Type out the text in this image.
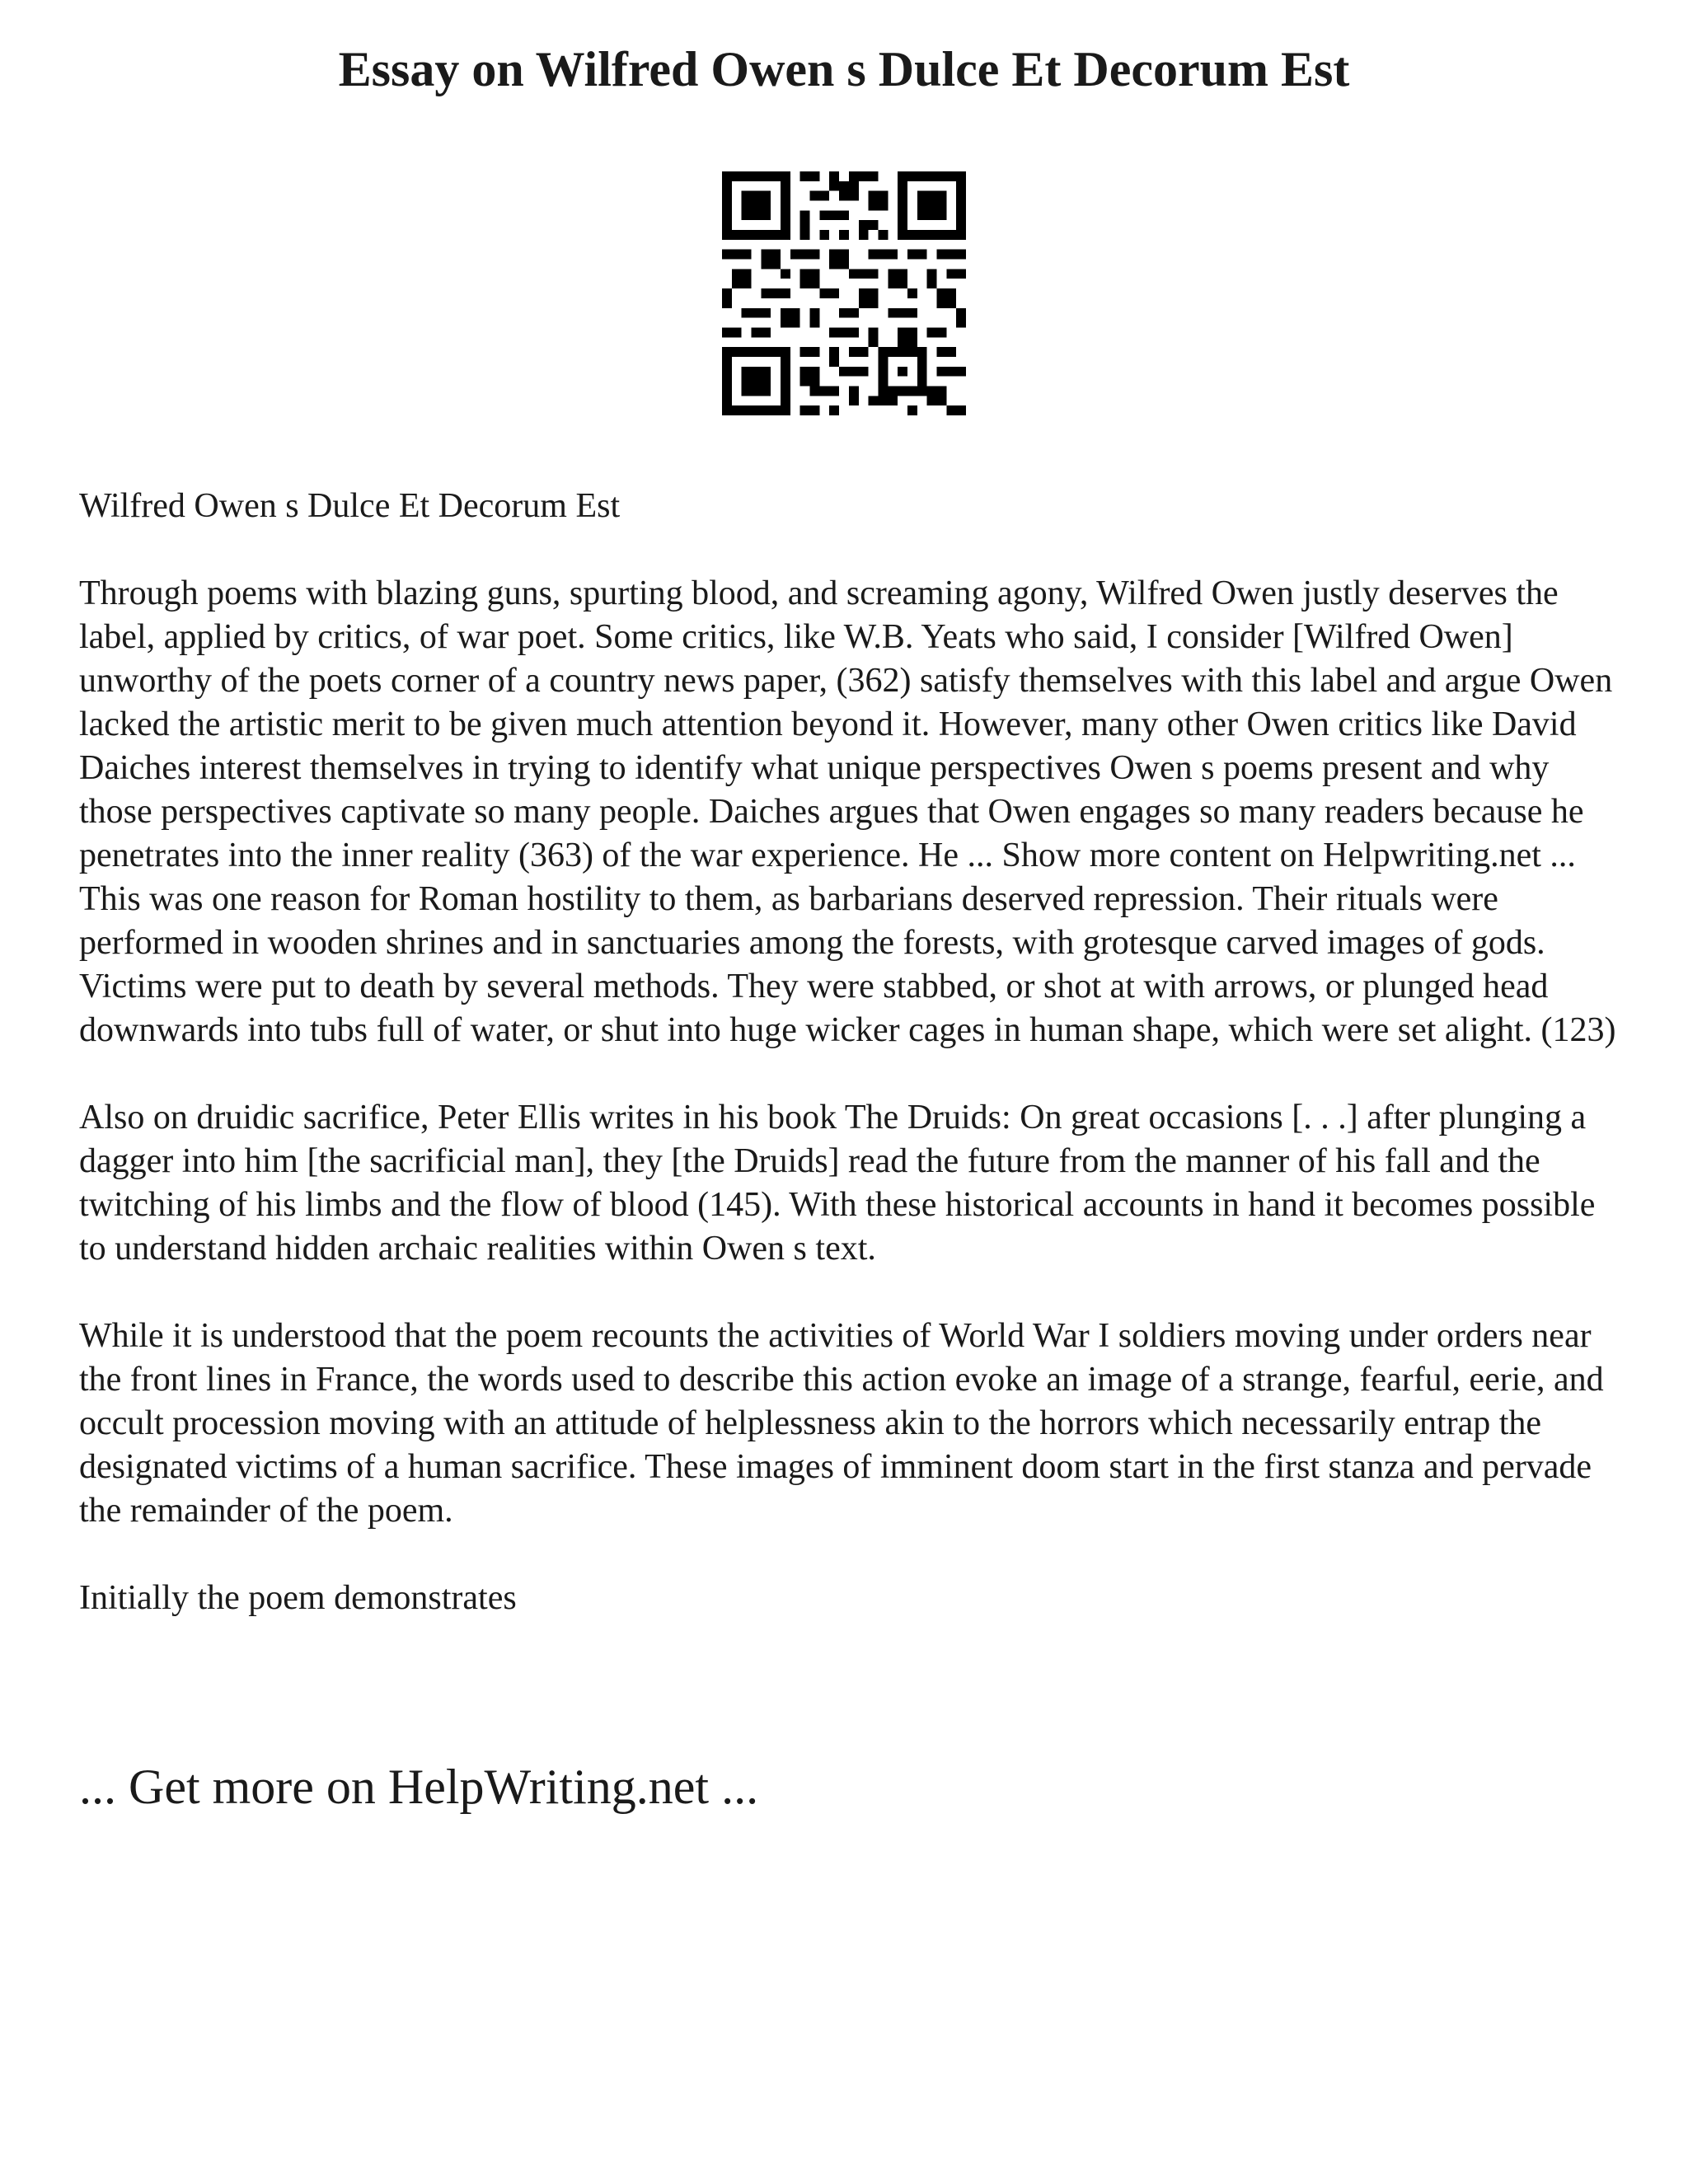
Essay on Wilfred Owen s Dulce Et Decorum Est

Wilfred Owen s Dulce Et Decorum Est

Through poems with blazing guns, spurting blood, and screaming agony, Wilfred Owen justly deserves the label, applied by critics, of war poet. Some critics, like W.B. Yeats who said, I consider [Wilfred Owen] unworthy of the poets corner of a country news paper, (362) satisfy themselves with this label and argue Owen lacked the artistic merit to be given much attention beyond it. However, many other Owen critics like David Daiches interest themselves in trying to identify what unique perspectives Owen s poems present and why those perspectives captivate so many people. Daiches argues that Owen engages so many readers because he penetrates into the inner reality (363) of the war experience. He ... Show more content on Helpwriting.net ...

This was one reason for Roman hostility to them, as barbarians deserved repression. Their rituals were performed in wooden shrines and in sanctuaries among the forests, with grotesque carved images of gods. Victims were put to death by several methods. They were stabbed, or shot at with arrows, or plunged head downwards into tubs full of water, or shut into huge wicker cages in human shape, which were set alight. (123)

Also on druidic sacrifice, Peter Ellis writes in his book The Druids: On great occasions [. . .] after plunging a dagger into him [the sacrificial man], they [the Druids] read the future from the manner of his fall and the twitching of his limbs and the flow of blood (145). With these historical accounts in hand it becomes possible to understand hidden archaic realities within Owen s text.

While it is understood that the poem recounts the activities of World War I soldiers moving under orders near the front lines in France, the words used to describe this action evoke an image of a strange, fearful, eerie, and occult procession moving with an attitude of helplessness akin to the horrors which necessarily entrap the designated victims of a human sacrifice. These images of imminent doom start in the first stanza and pervade the remainder of the poem.

Initially the poem demonstrates

... Get more on HelpWriting.net ...
